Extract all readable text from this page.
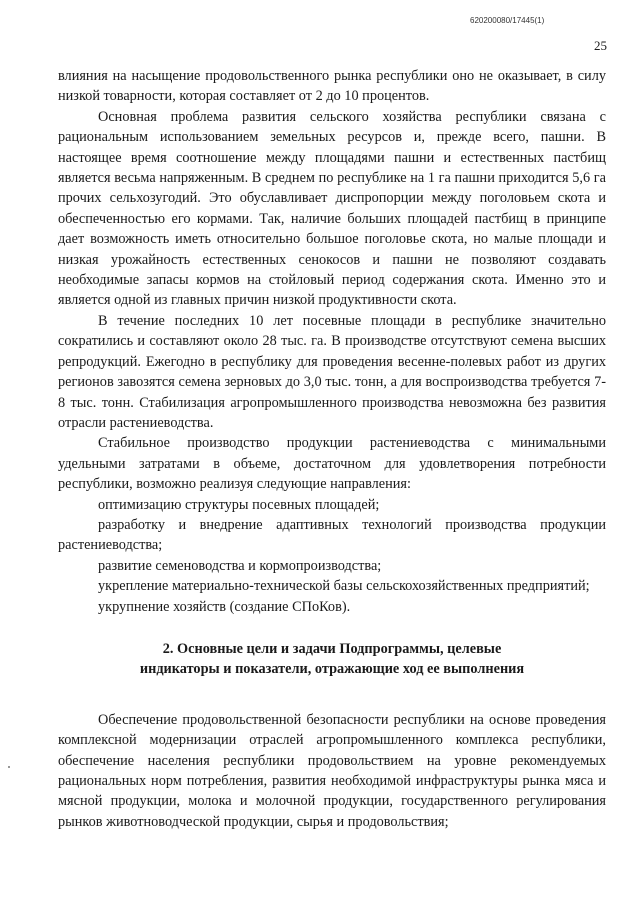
620200080/17445(1)
25

влияния на насыщение продовольственного рынка республики оно не оказывает, в силу низкой товарности, которая составляет от 2 до 10 процентов.

Основная проблема развития сельского хозяйства республики связана с рациональным использованием земельных ресурсов и, прежде всего, пашни. В настоящее время соотношение между площадями пашни и естественных пастбищ является весьма напряженным. В среднем по республике на 1 га пашни приходится 5,6 га прочих сельхозугодий. Это обуславливает диспропорции между поголовьем скота и обеспеченностью его кормами. Так, наличие больших площадей пастбищ в принципе дает возможность иметь относительно большое поголовье скота, но малые площади и низкая урожайность естественных сенокосов и пашни не позволяют создавать необходимые запасы кормов на стойловый период содержания скота. Именно это и является одной из главных причин низкой продуктивности скота.

В течение последних 10 лет посевные площади в республике значительно сократились и составляют около 28 тыс. га. В производстве отсутствуют семена высших репродукций. Ежегодно в республику для проведения весенне-полевых работ из других регионов завозятся семена зерновых до 3,0 тыс. тонн, а для воспроизводства требуется 7-8 тыс. тонн. Стабилизация агропромышленного производства невозможна без развития отрасли растениеводства.

Стабильное производство продукции растениеводства с минимальными удельными затратами в объеме, достаточном для удовлетворения потребности республики, возможно реализуя следующие направления:

оптимизацию структуры посевных площадей;

разработку и внедрение адаптивных технологий производства продукции растениеводства;

развитие семеноводства и кормопроизводства;

укрепление материально-технической базы сельскохозяйственных предприятий;

укрупнение хозяйств (создание СПоКов).

2. Основные цели и задачи Подпрограммы, целевые
индикаторы и показатели, отражающие ход ее выполнения

Обеспечение продовольственной безопасности республики на основе проведения комплексной модернизации отраслей агропромышленного комплекса республики, обеспечение населения республики продовольствием на уровне рекомендуемых рациональных норм потребления, развития необходимой инфраструктуры рынка мяса и мясной продукции, молока и молочной продукции, государственного регулирования рынков животноводческой продукции, сырья и продовольствия;
